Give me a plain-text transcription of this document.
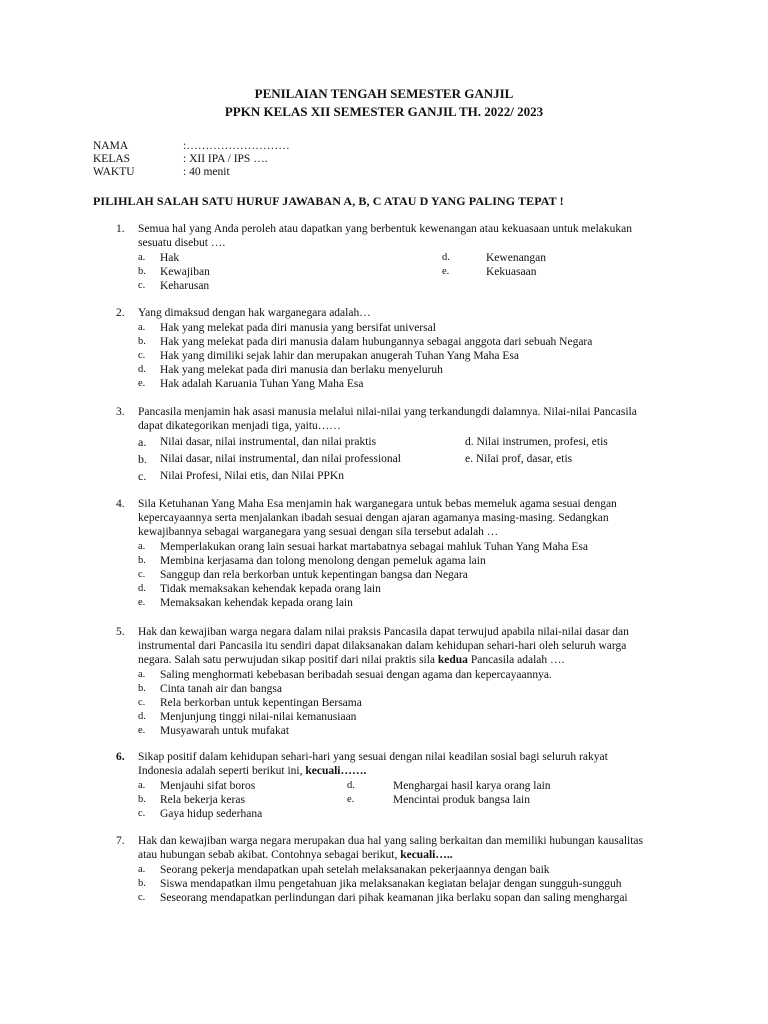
PENILAIAN TENGAH SEMESTER GANJIL
PPKN KELAS XII SEMESTER GANJIL TH. 2022/ 2023
NAMA	:………………………
KELAS	: XII IPA / IPS ….
WAKTU	: 40 menit
PILIHLAH SALAH SATU HURUF JAWABAN A, B, C ATAU D YANG PALING TEPAT !
1. Semua hal yang Anda peroleh atau dapatkan yang berbentuk kewenangan atau kekuasaan untuk melakukan sesuatu disebut ….
a.	Hak	d.	Kewenangan
b.	Kewajiban	e.	Kekuasaan
c.	Keharusan
2. Yang dimaksud dengan hak warganegara adalah…
a.	Hak yang melekat pada diri manusia yang bersifat universal
b.	Hak yang melekat pada diri manusia dalam hubungannya sebagai anggota dari sebuah Negara
c.	Hak yang dimiliki sejak lahir dan merupakan anugerah Tuhan Yang Maha Esa
d.	Hak yang melekat pada diri manusia dan berlaku menyeluruh
e.	Hak adalah Karuania Tuhan Yang Maha Esa
3. Pancasila menjamin hak asasi manusia melalui nilai-nilai yang terkandungdi dalamnya. Nilai-nilai Pancasila dapat dikategorikan menjadi tiga, yaitu……
a.	Nilai dasar, nilai instrumental, dan nilai praktis	d. Nilai instrumen, profesi, etis
b.	Nilai dasar, nilai instrumental, dan nilai professional	e. Nilai prof, dasar, etis
c.	Nilai Profesi, Nilai etis, dan Nilai PPKn
4. Sila Ketuhanan Yang Maha Esa menjamin hak warganegara untuk bebas memeluk agama sesuai dengan kepercayaannya serta menjalankan ibadah sesuai dengan ajaran agamanya masing-masing. Sedangkan kewajibannya sebagai warganegara yang sesuai dengan sila tersebut adalah …
a.	Memperlakukan orang lain sesuai harkat martabatnya sebagai mahluk Tuhan Yang Maha Esa
b.	Membina kerjasama dan tolong menolong dengan pemeluk agama lain
c.	Sanggup dan rela berkorban untuk kepentingan bangsa dan Negara
d.	Tidak memaksakan kehendak kepada orang lain
e.	Memaksakan kehendak kepada orang lain
5. Hak dan kewajiban warga negara dalam nilai praksis Pancasila dapat terwujud apabila nilai-nilai dasar dan instrumental dari Pancasila itu sendiri dapat dilaksanakan dalam kehidupan sehari-hari oleh seluruh warga negara. Salah satu perwujudan sikap positif dari nilai praktis sila kedua Pancasila adalah ….
a.	Saling menghormati kebebasan beribadah sesuai dengan agama dan kepercayaannya.
b.	Cinta tanah air dan bangsa
c.	Rela berkorban untuk kepentingan Bersama
d.	Menjunjung tinggi nilai-nilai kemanusiaan
e.	Musyawarah untuk mufakat
6. Sikap positif dalam kehidupan sehari-hari yang sesuai dengan nilai keadilan sosial bagi seluruh rakyat Indonesia adalah seperti berikut ini, kecuali…….
a.	Menjauhi sifat boros	d.	Menghargai hasil karya orang lain
b.	Rela bekerja keras	e.	Mencintai produk bangsa lain
c.	Gaya hidup sederhana
7. Hak dan kewajiban warga negara merupakan dua hal yang saling berkaitan dan memiliki hubungan kausalitas atau hubungan sebab akibat. Contohnya sebagai berikut, kecuali…..
a.	Seorang pekerja mendapatkan upah setelah melaksanakan pekerjaannya dengan baik
b.	Siswa mendapatkan ilmu pengetahuan jika melaksanakan kegiatan belajar dengan sungguh-sungguh
c.	Seseorang mendapatkan perlindungan dari pihak keamanan jika berlaku sopan dan saling menghargai
